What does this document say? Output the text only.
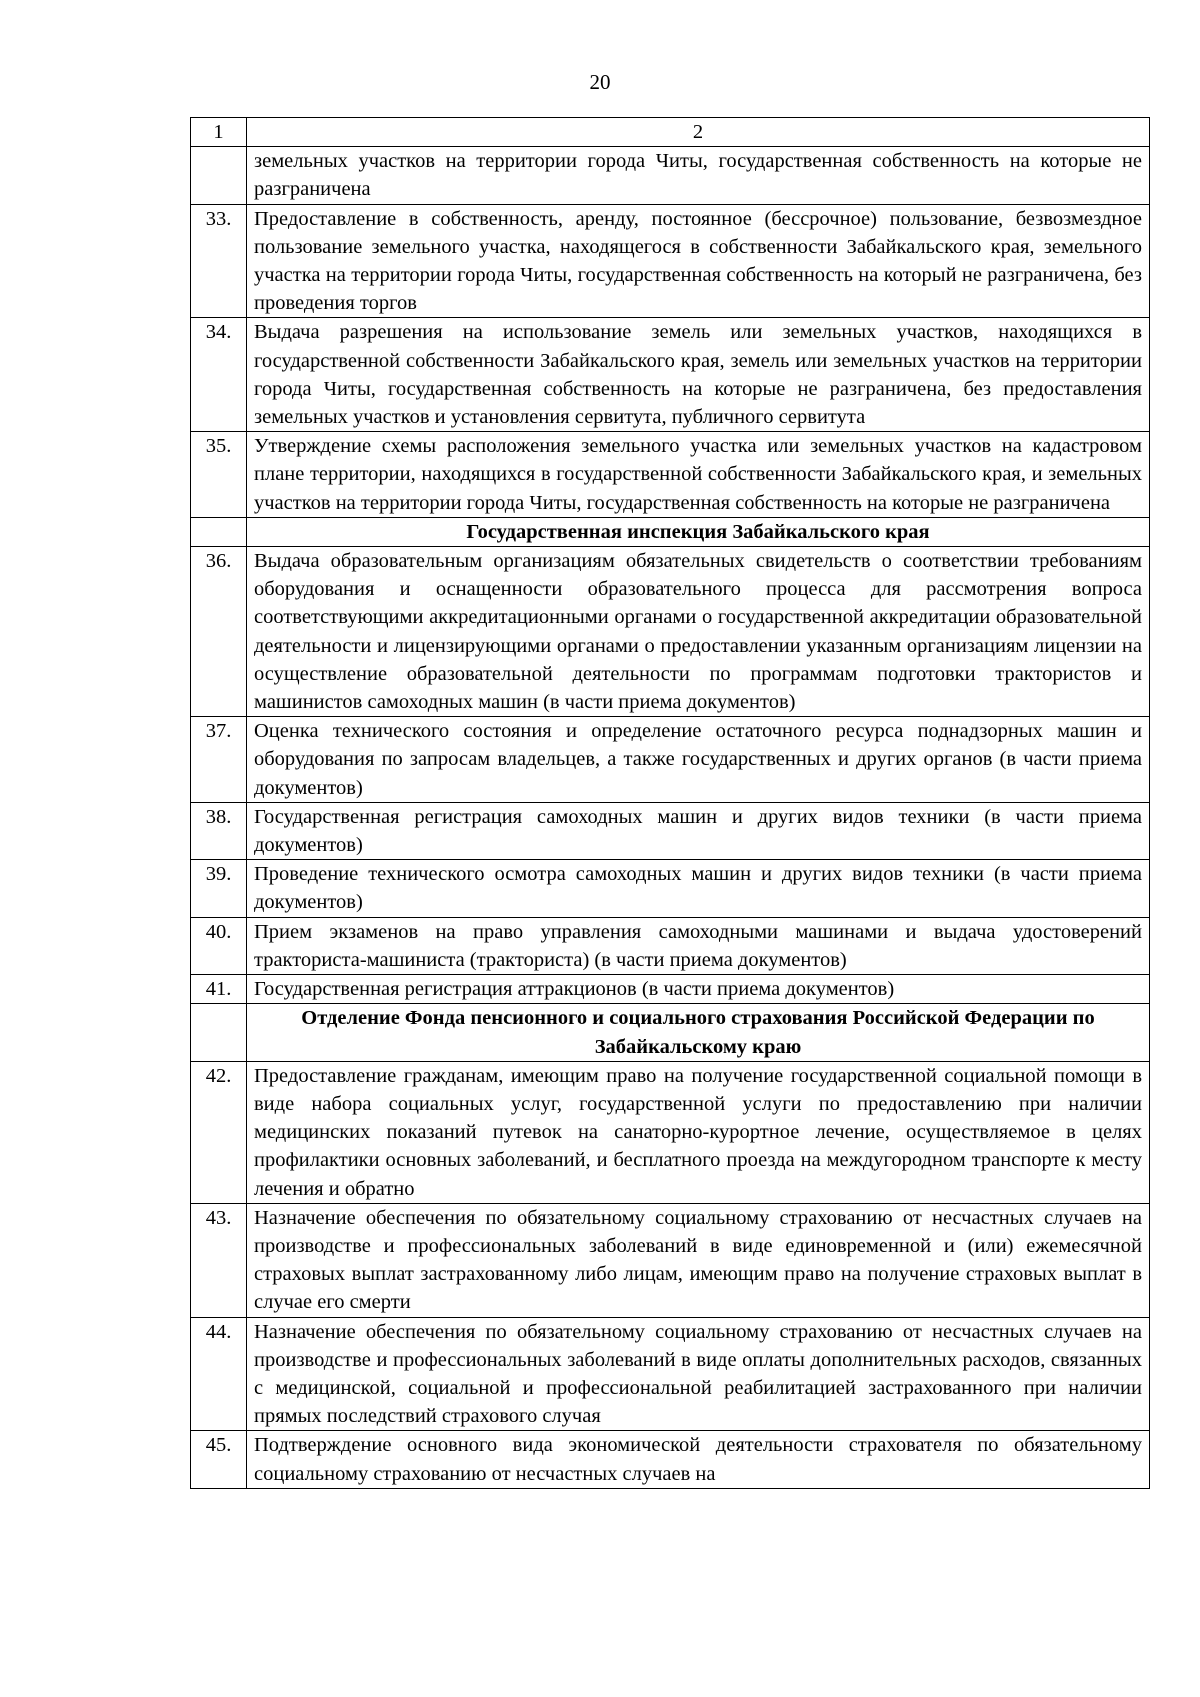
20
1	2
	земельных участков на территории города Читы, государственная собственность на которые не разграничена
33.	Предоставление в собственность, аренду, постоянное (бессрочное) пользование, безвозмездное пользование земельного участка, находящегося в собственности Забайкальского края, земельного участка на территории города Читы, государственная собственность на который не разграничена, без проведения торгов
34.	Выдача разрешения на использование земель или земельных участков, находящихся в государственной собственности Забайкальского края, земель или земельных участков на территории города Читы, государственная собственность на которые не разграничена, без предоставления земельных участков и установления сервитута, публичного сервитута
35.	Утверждение схемы расположения земельного участка или земельных участков на кадастровом плане территории, находящихся в государственной собственности Забайкальского края, и земельных участков на территории города Читы, государственная собственность на которые не разграничена
	Государственная инспекция Забайкальского края
36.	Выдача образовательным организациям обязательных свидетельств о соответствии требованиям оборудования и оснащенности образовательного процесса для рассмотрения вопроса соответствующими аккредитационными органами о государственной аккредитации образовательной деятельности и лицензирующими органами о предоставлении указанным организациям лицензии на осуществление образовательной деятельности по программам подготовки трактористов и машинистов самоходных машин (в части приема документов)
37.	Оценка технического состояния и определение остаточного ресурса поднадзорных машин и оборудования по запросам владельцев, а также государственных и других органов (в части приема документов)
38.	Государственная регистрация самоходных машин и других видов техники (в части приема документов)
39.	Проведение технического осмотра самоходных машин и других видов техники (в части приема документов)
40.	Прием экзаменов на право управления самоходными машинами и выдача удостоверений тракториста-машиниста (тракториста) (в части приема документов)
41.	Государственная регистрация аттракционов (в части приема документов)
	Отделение Фонда пенсионного и социального страхования Российской Федерации по Забайкальскому краю
42.	Предоставление гражданам, имеющим право на получение государственной социальной помощи в виде набора социальных услуг, государственной услуги по предоставлению при наличии медицинских показаний путевок на санаторно-курортное лечение, осуществляемое в целях профилактики основных заболеваний, и бесплатного проезда на междугородном транспорте к месту лечения и обратно
43.	Назначение обеспечения по обязательному социальному страхованию от несчастных случаев на производстве и профессиональных заболеваний в виде единовременной и (или) ежемесячной страховых выплат застрахованному либо лицам, имеющим право на получение страховых выплат в случае его смерти
44.	Назначение обеспечения по обязательному социальному страхованию от несчастных случаев на производстве и профессиональных заболеваний в виде оплаты дополнительных расходов, связанных с медицинской, социальной и профессиональной реабилитацией застрахованного при наличии прямых последствий страхового случая
45.	Подтверждение основного вида экономической деятельности страхователя по обязательному социальному страхованию от несчастных случаев на
